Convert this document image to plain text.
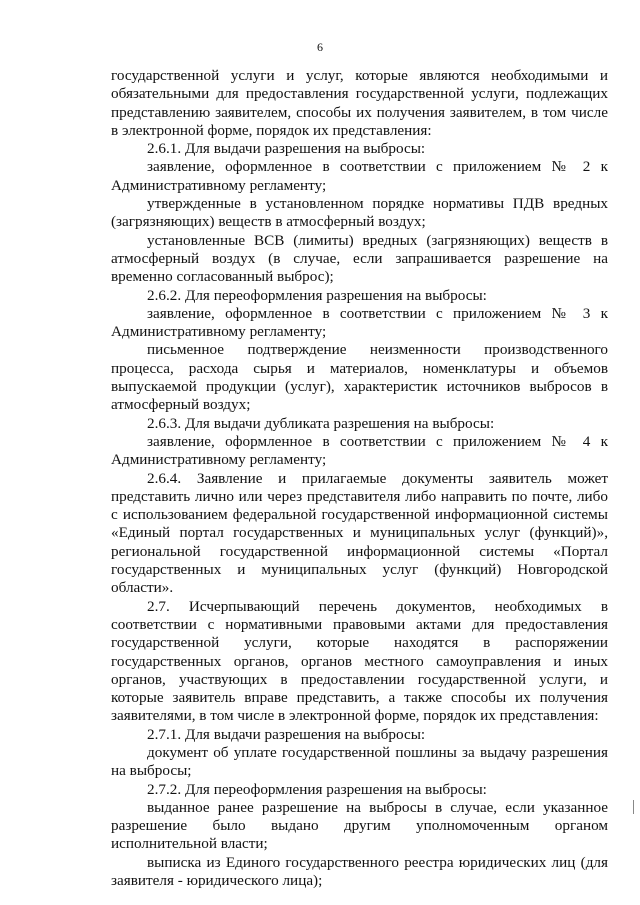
6

государственной услуги и услуг, которые являются необходимыми и обязательными для предоставления государственной услуги, подлежащих представлению заявителем, способы их получения заявителем, в том числе в электронной форме, порядок их представления:

2.6.1. Для выдачи разрешения на выбросы:

заявление, оформленное в соответствии с приложением № 2 к Административному регламенту;

утвержденные в установленном порядке нормативы ПДВ вредных (загрязняющих) веществ в атмосферный воздух;

установленные ВСВ (лимиты) вредных (загрязняющих) веществ в атмосферный воздух (в случае, если запрашивается разрешение на временно согласованный выброс);

2.6.2. Для переоформления разрешения на выбросы:

заявление, оформленное в соответствии с приложением № 3 к Административному регламенту;

письменное подтверждение неизменности производственного процесса, расхода сырья и материалов, номенклатуры и объемов выпускаемой продукции (услуг), характеристик источников выбросов в атмосферный воздух;

2.6.3. Для выдачи дубликата разрешения на выбросы:

заявление, оформленное в соответствии с приложением № 4 к Административному регламенту;

2.6.4. Заявление и прилагаемые документы заявитель может представить лично или через представителя либо направить по почте, либо с использованием федеральной государственной информационной системы «Единый портал государственных и муниципальных услуг (функций)», региональной государственной информационной системы «Портал государственных и муниципальных услуг (функций) Новгородской области».

2.7. Исчерпывающий перечень документов, необходимых в соответствии с нормативными правовыми актами для предоставления государственной услуги, которые находятся в распоряжении государственных органов, органов местного самоуправления и иных органов, участвующих в предоставлении государственной услуги, и которые заявитель вправе представить, а также способы их получения заявителями, в том числе в электронной форме, порядок их представления:

2.7.1. Для выдачи разрешения на выбросы:

документ об уплате государственной пошлины за выдачу разрешения на выбросы;

2.7.2. Для переоформления разрешения на выбросы:

выданное ранее разрешение на выбросы в случае, если указанное разрешение было выдано другим уполномоченным органом исполнительной власти;

выписка из Единого государственного реестра юридических лиц (для заявителя - юридического лица);
